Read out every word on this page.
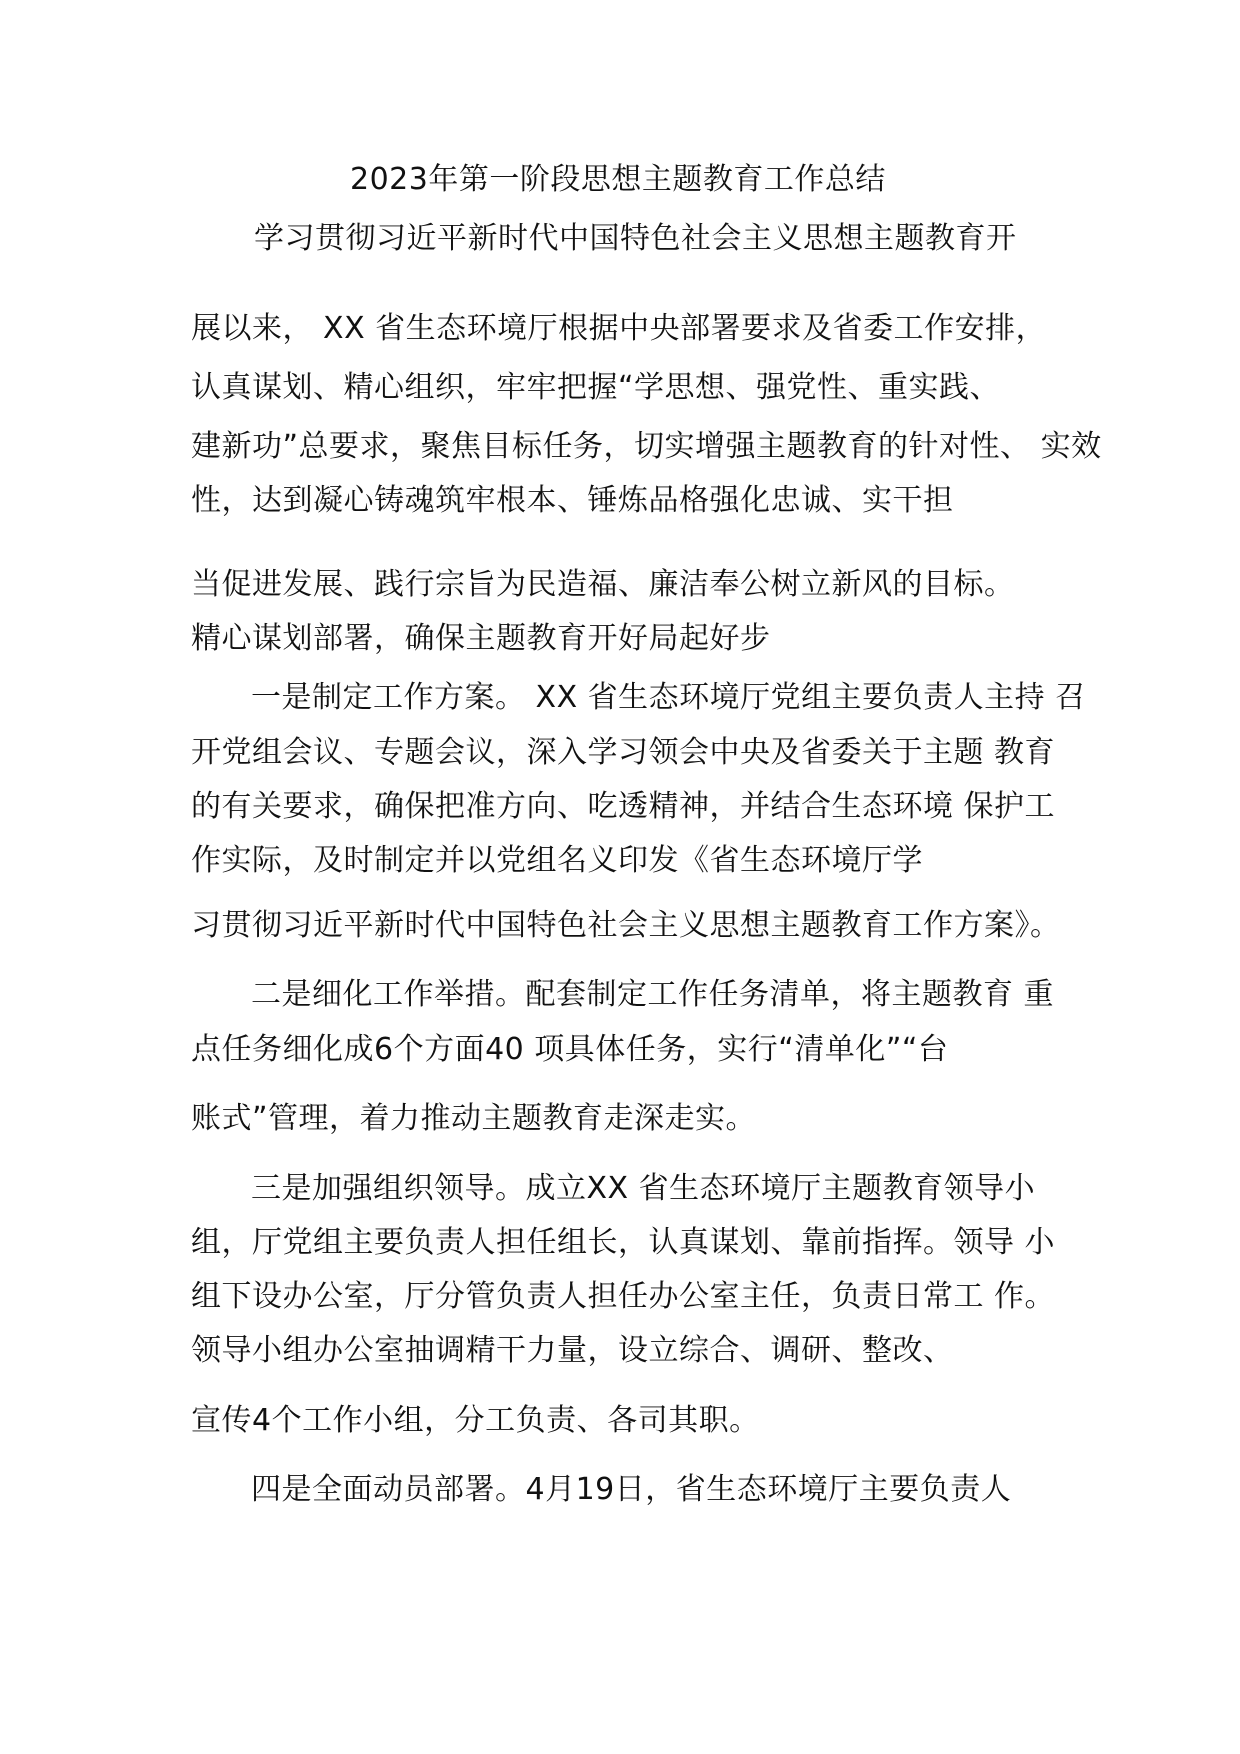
2023年第一阶段思想主题教育工作总结
学习贯彻习近平新时代中国特色社会主义思想主题教育开
展以来， XX 省生态环境厅根据中央部署要求及省委工作安排，
认真谋划、精心组织，牢牢把握“学思想、强党性、重实践、
建新功”总要求，聚焦目标任务，切实增强主题教育的针对性、 实效
性，达到凝心铸魂筑牢根本、锤炼品格强化忠诚、实干担
当促进发展、践行宗旨为民造福、廉洁奉公树立新风的目标。
精心谋划部署，确保主题教育开好局起好步
一是制定工作方案。 XX 省生态环境厅党组主要负责人主持 召
开党组会议、专题会议，深入学习领会中央及省委关于主题 教育
的有关要求，确保把准方向、吃透精神，并结合生态环境 保护工
作实际，及时制定并以党组名义印发《省生态环境厅学
习贯彻习近平新时代中国特色社会主义思想主题教育工作方案》。
二是细化工作举措。配套制定工作任务清单，将主题教育 重
点任务细化成6个方面40 项具体任务，实行“清单化”“台
账式”管理，着力推动主题教育走深走实。
三是加强组织领导。成立XX 省生态环境厅主题教育领导小
组，厅党组主要负责人担任组长，认真谋划、靠前指挥。领导 小
组下设办公室，厅分管负责人担任办公室主任，负责日常工 作。
领导小组办公室抽调精干力量，设立综合、调研、整改、
宣传4个工作小组，分工负责、各司其职。
四是全面动员部署。4月19日，省生态环境厅主要负责人
